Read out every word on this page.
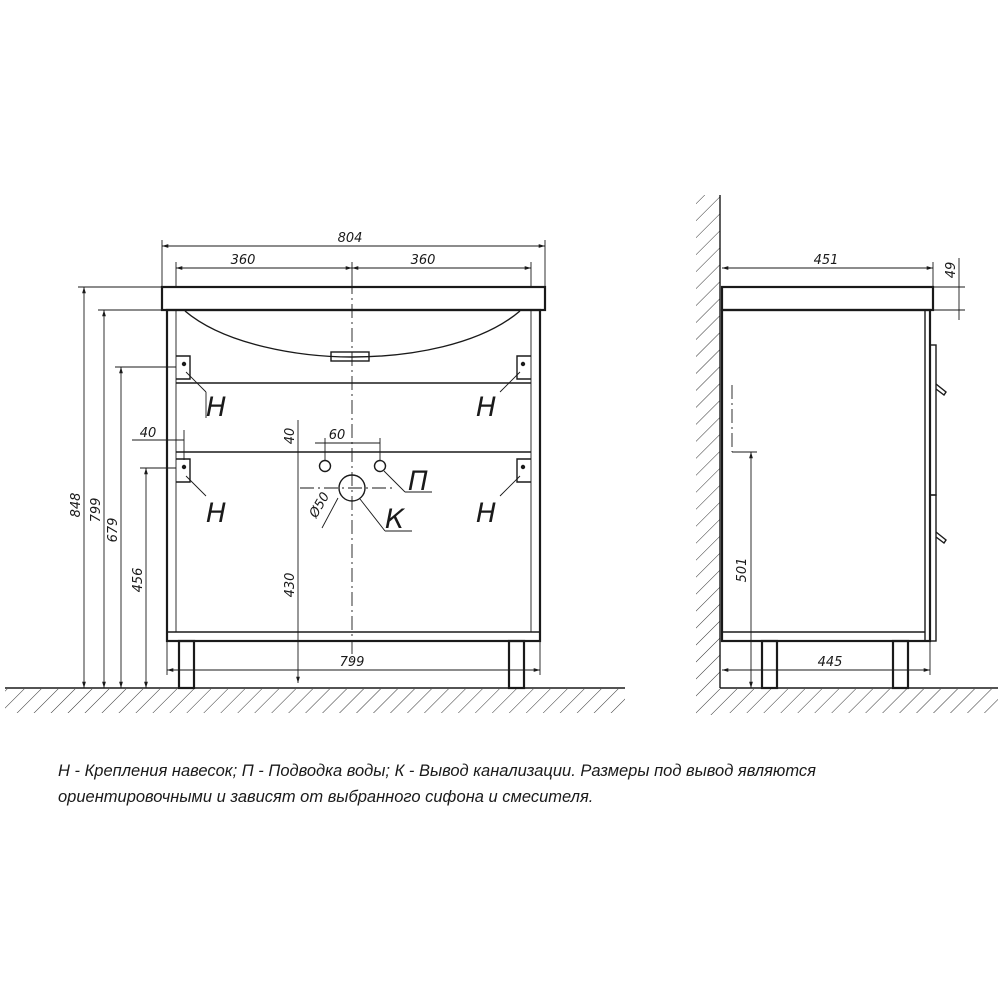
804
360	360
848 799
679
456
40	40 60
Ø50
430
799
Н	Н
Н	Н
П
К
451
49
501
445
Н - Крепления навесок; П - Подводка воды; К - Вывод канализации. Размеры под вывод являются
ориентировочными и зависят от выбранного сифона и смесителя.
